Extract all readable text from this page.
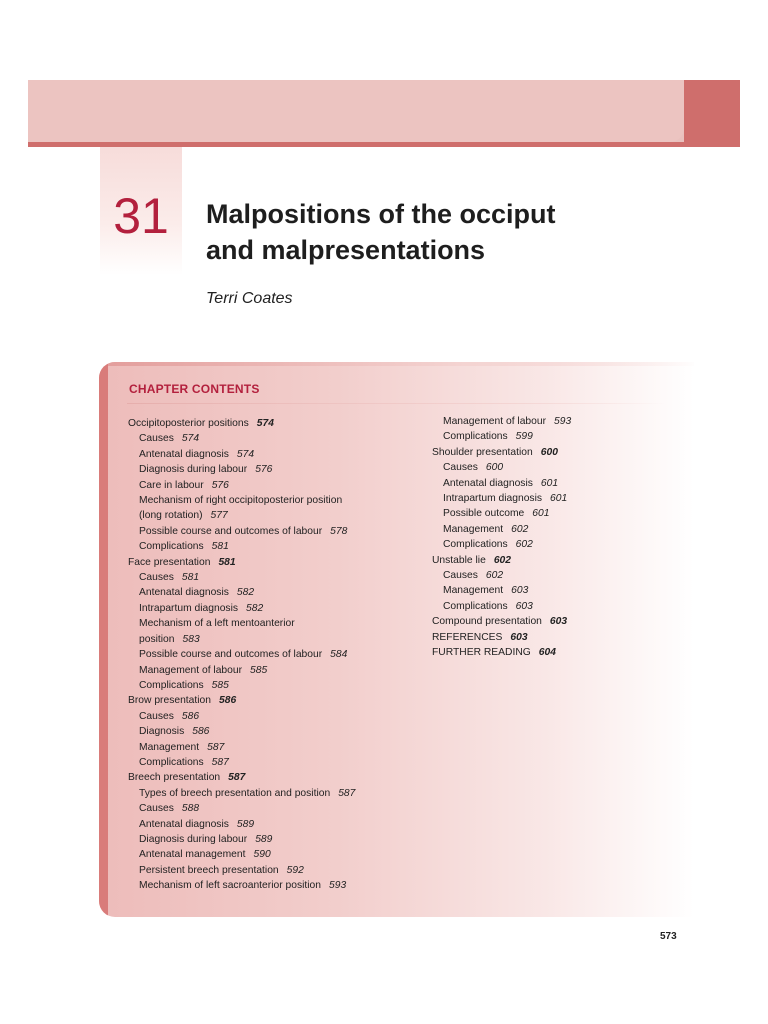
31 Malpositions of the occiput
and malpresentations
Terri Coates
CHAPTER CONTENTS
Occipitoposterior positions 574
Causes 574
Antenatal diagnosis 574
Diagnosis during labour 576
Care in labour 576
Mechanism of right occipitoposterior position
(long rotation) 577
Possible course and outcomes of labour 578
Complications 581
Face presentation 581
Causes 581
Antenatal diagnosis 582
Intrapartum diagnosis 582
Mechanism of a left mentoanterior
position 583
Possible course and outcomes of labour 584
Management of labour 585
Complications 585
Brow presentation 586
Causes 586
Diagnosis 586
Management 587
Complications 587
Breech presentation 587
Types of breech presentation and position 587
Causes 588
Antenatal diagnosis 589
Diagnosis during labour 589
Antenatal management 590
Persistent breech presentation 592
Mechanism of left sacroanterior position 593
Management of labour 593
Complications 599
Shoulder presentation 600
Causes 600
Antenatal diagnosis 601
Intrapartum diagnosis 601
Possible outcome 601
Management 602
Complications 602
Unstable lie 602
Causes 602
Management 603
Complications 603
Compound presentation 603
REFERENCES 603
FURTHER READING 604
573
